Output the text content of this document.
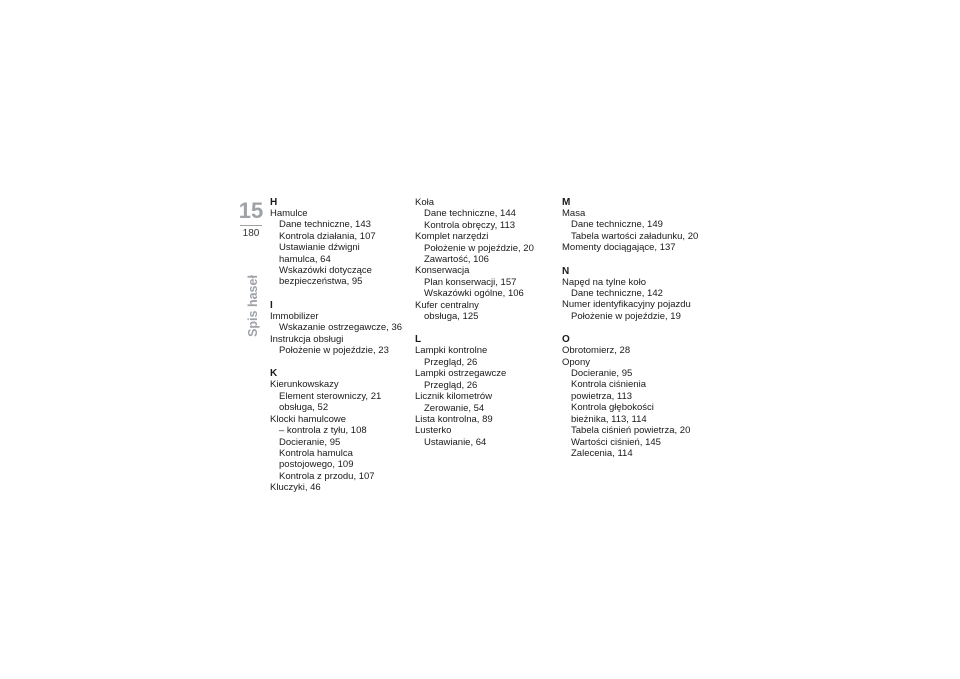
15
180
Spis haseł
H
Hamulce
Dane techniczne, 143
Kontrola działania, 107
Ustawianie dźwigni
hamulca, 64
Wskazówki dotyczące
bezpieczeństwa, 95
I
Immobilizer
Wskazanie ostrzegawcze, 36
Instrukcja obsługi
Położenie w pojeździe, 23
K
Kierunkowskazy
Element sterowniczy, 21
obsługa, 52
Klocki hamulcowe
– kontrola z tyłu, 108
Docieranie, 95
Kontrola hamulca
postojowego, 109
Kontrola z przodu, 107
Kluczyki, 46
Koła
Dane techniczne, 144
Kontrola obręczy, 113
Komplet narzędzi
Położenie w pojeździe, 20
Zawartość, 106
Konserwacja
Plan konserwacji, 157
Wskazówki ogólne, 106
Kufer centralny
obsługa, 125
L
Lampki kontrolne
Przegląd, 26
Lampki ostrzegawcze
Przegląd, 26
Licznik kilometrów
Zerowanie, 54
Lista kontrolna, 89
Lusterko
Ustawianie, 64
M
Masa
Dane techniczne, 149
Tabela wartości załadunku, 20
Momenty dociągające, 137
N
Napęd na tylne koło
Dane techniczne, 142
Numer identyfikacyjny pojazdu
Położenie w pojeździe, 19
O
Obrotomierz, 28
Opony
Docieranie, 95
Kontrola ciśnienia
powietrza, 113
Kontrola głębokości
bieżnika, 113, 114
Tabela ciśnień powietrza, 20
Wartości ciśnień, 145
Zalecenia, 114
